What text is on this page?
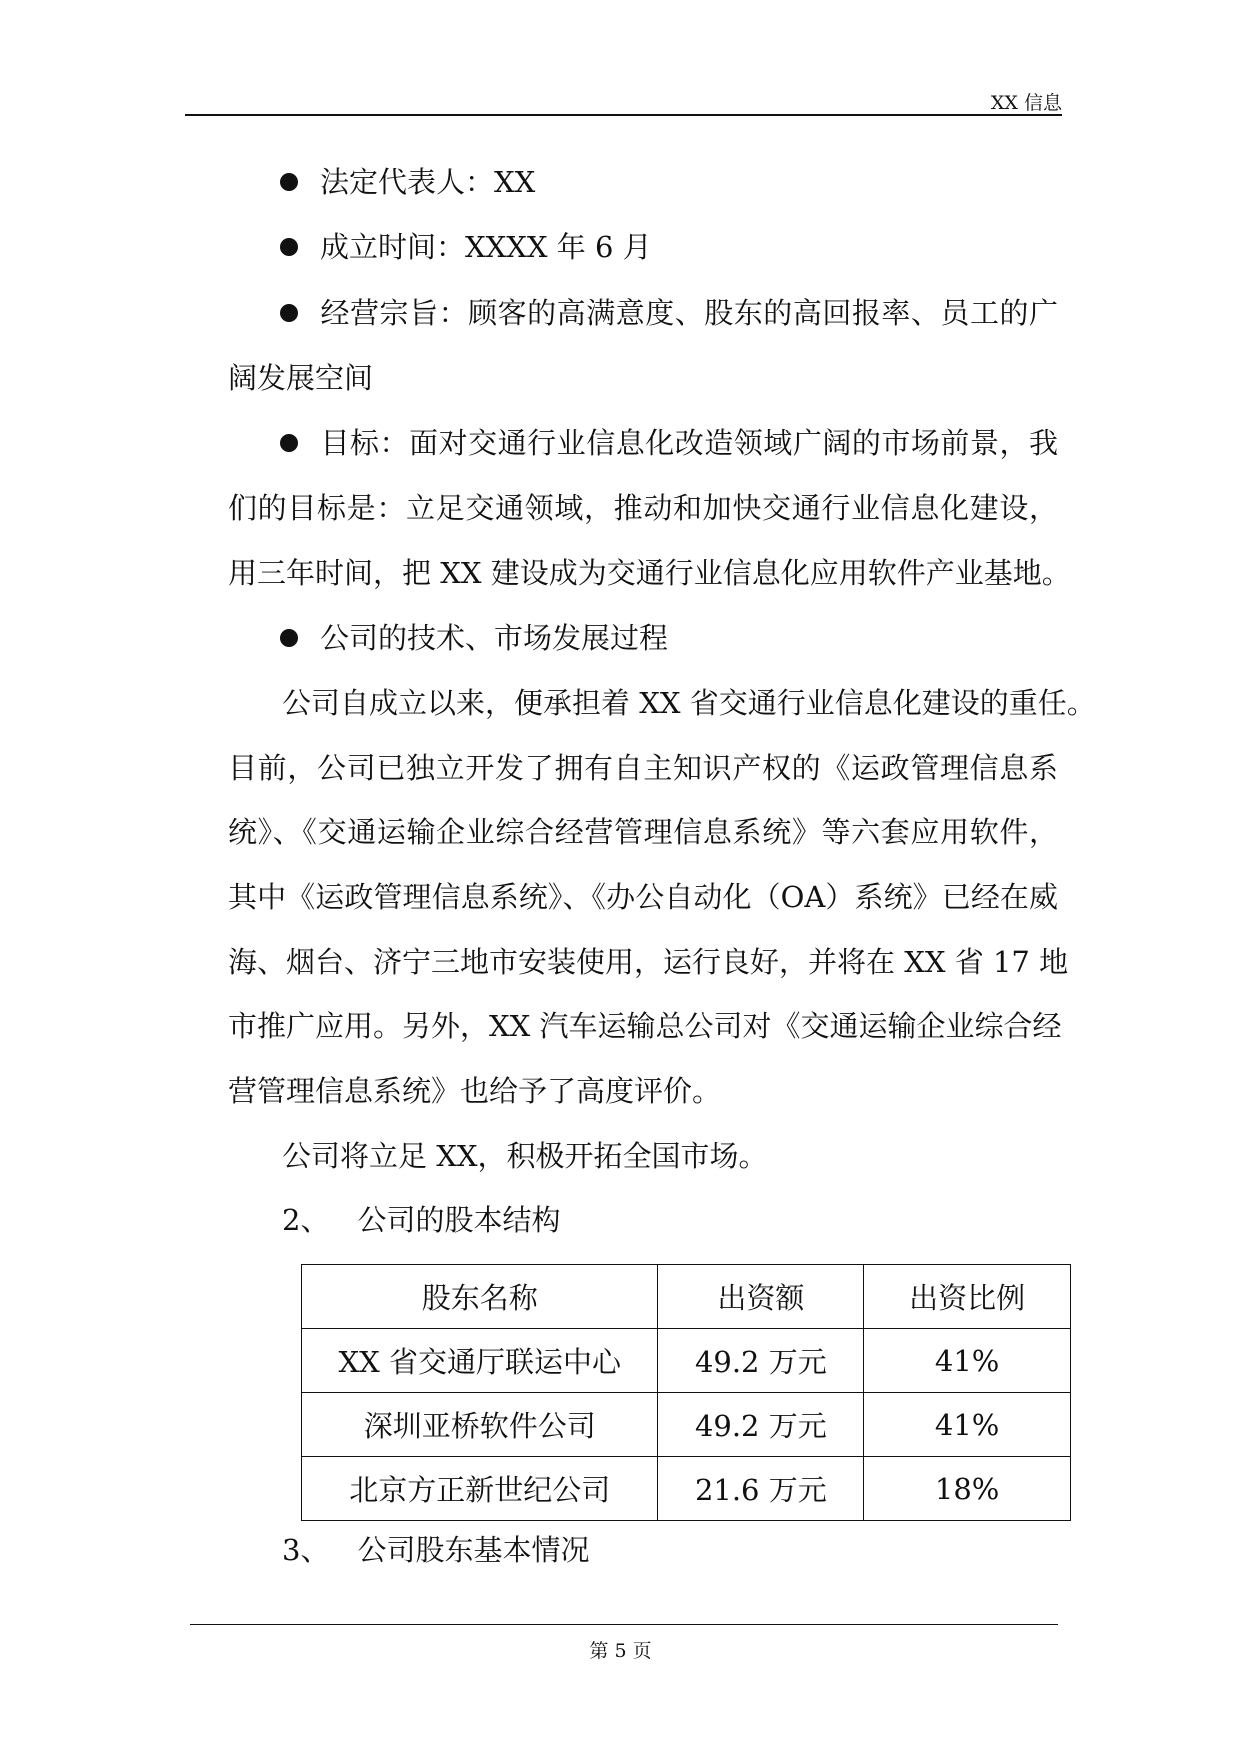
XX 信息
法定代表人：XX
成立时间：XXXX 年 6 月
经营宗旨：顾客的高满意度、股东的高回报率、员工的广
阔发展空间
目标：面对交通行业信息化改造领域广阔的市场前景，我
们的目标是：立足交通领域，推动和加快交通行业信息化建设，
用三年时间，把 XX 建设成为交通行业信息化应用软件产业基地。
公司的技术、市场发展过程
公司自成立以来，便承担着 XX 省交通行业信息化建设的重任。
目前，公司已独立开发了拥有自主知识产权的《运政管理信息系
统》、《交通运输企业综合经营管理信息系统》等六套应用软件，
其中《运政管理信息系统》、《办公自动化（OA）系统》已经在威
海、烟台、济宁三地市安装使用，运行良好，并将在 XX 省 17 地
市推广应用。另外，XX 汽车运输总公司对《交通运输企业综合经
营管理信息系统》也给予了高度评价。
公司将立足 XX，积极开拓全国市场。
2、 公司的股本结构
股东名称	出资额	出资比例
XX 省交通厅联运中心	49.2 万元	41%
深圳亚桥软件公司	49.2 万元	41%
北京方正新世纪公司	21.6 万元	18%
3、 公司股东基本情况
第 5 页
